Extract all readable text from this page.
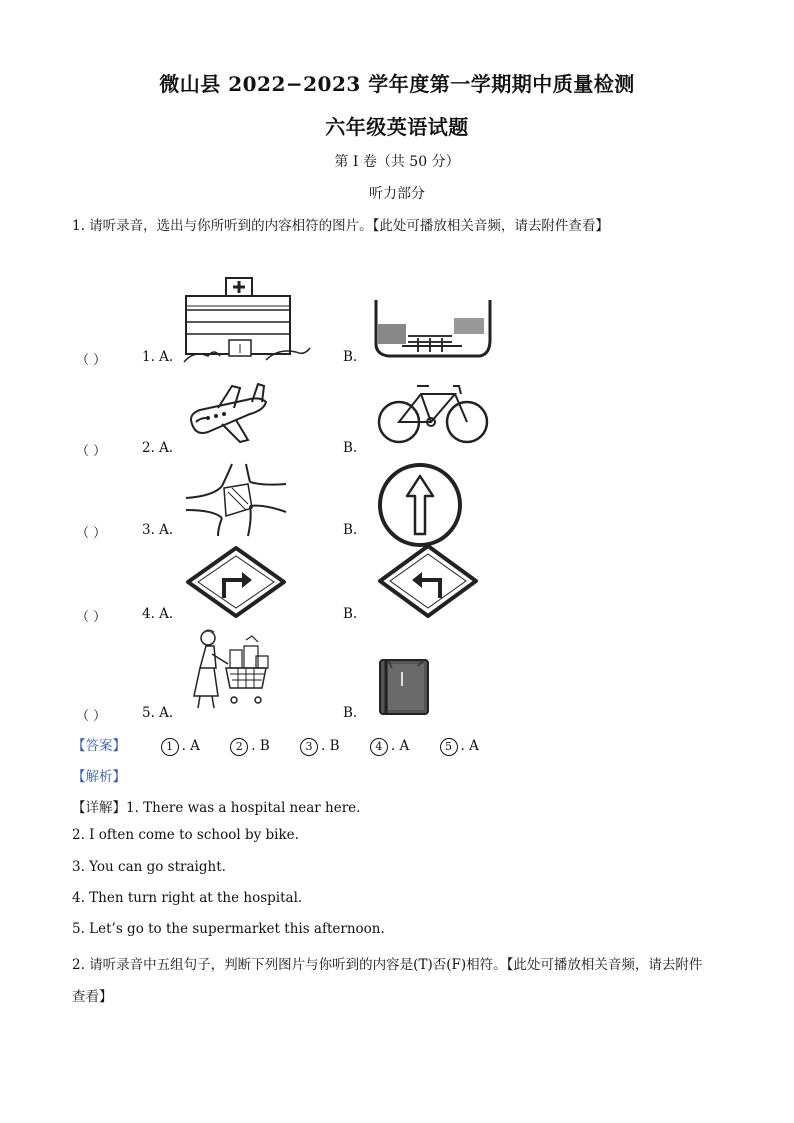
微山县 2022−2023 学年度第一学期期中质量检测
六年级英语试题
第 I 卷（共 50 分）
听力部分
1. 请听录音，选出与你所听到的内容相符的图片。【此处可播放相关音频，请去附件查看】
（ ）	1. A.	B.
（ ）	2. A.	B.
（ ）	3. A.	B.
（ ）	4. A.	B.
（ ）	5. A.	B.
【答案】	1 . A	2 . B	3 . B	4 . A	5 . A
【解析】
【详解】1. There was a hospital near here.
2. I often come to school by bike.
3. You can go straight.
4. Then turn right at the hospital.
5. Let’s go to the supermarket this afternoon.
2. 请听录音中五组句子，判断下列图片与你听到的内容是(T)否(F)相符。【此处可播放相关音频，请去附件
查看】
